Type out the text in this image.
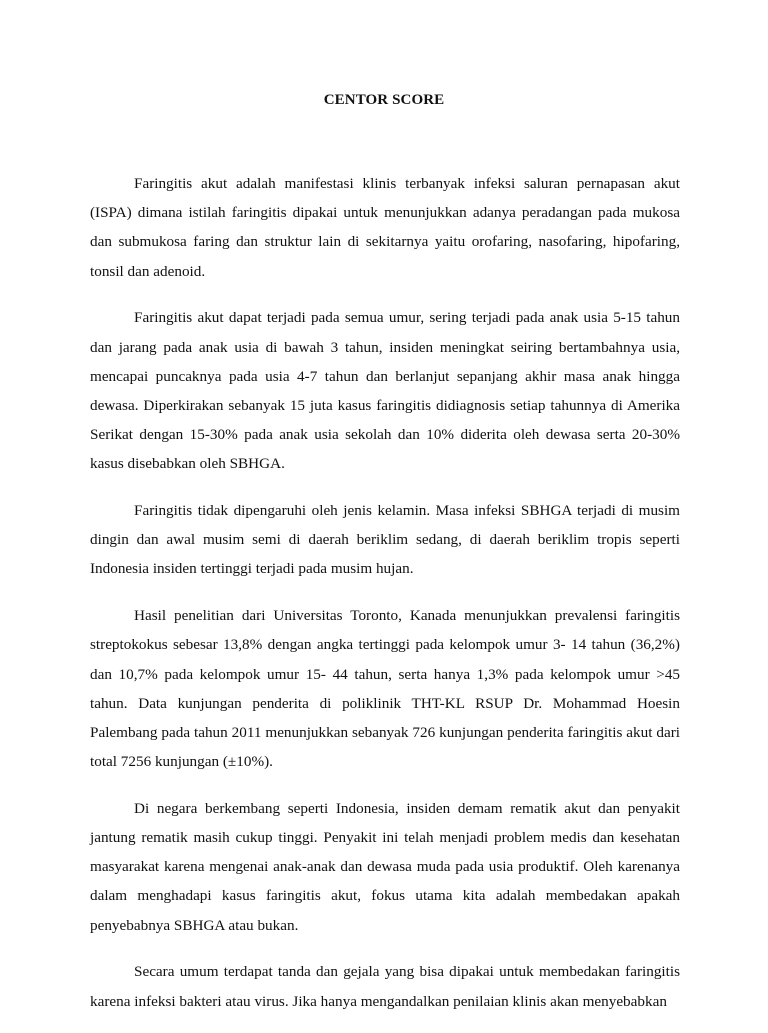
CENTOR SCORE

Faringitis akut adalah manifestasi klinis terbanyak infeksi saluran pernapasan akut (ISPA) dimana istilah faringitis dipakai untuk menunjukkan adanya peradangan pada mukosa dan submukosa faring dan struktur lain di sekitarnya yaitu orofaring, nasofaring, hipofaring, tonsil dan adenoid.

Faringitis akut dapat terjadi pada semua umur, sering terjadi pada anak usia 5-15 tahun dan jarang pada anak usia di bawah 3 tahun, insiden meningkat seiring bertambahnya usia, mencapai puncaknya pada usia 4-7 tahun dan berlanjut sepanjang akhir masa anak hingga dewasa. Diperkirakan sebanyak 15 juta kasus faringitis didiagnosis setiap tahunnya di Amerika Serikat dengan 15-30% pada anak usia sekolah dan 10% diderita oleh dewasa serta 20-30% kasus disebabkan oleh SBHGA.

Faringitis tidak dipengaruhi oleh jenis kelamin. Masa infeksi SBHGA terjadi di musim dingin dan awal musim semi di daerah beriklim sedang, di daerah beriklim tropis seperti Indonesia insiden tertinggi terjadi pada musim hujan.

Hasil penelitian dari Universitas Toronto, Kanada menunjukkan prevalensi faringitis streptokokus sebesar 13,8% dengan angka tertinggi pada kelompok umur 3- 14 tahun (36,2%) dan 10,7% pada kelompok umur 15- 44 tahun, serta hanya 1,3% pada kelompok umur >45 tahun. Data kunjungan penderita di poliklinik THT-KL RSUP Dr. Mohammad Hoesin Palembang pada tahun 2011 menunjukkan sebanyak 726 kunjungan penderita faringitis akut dari total 7256 kunjungan (±10%).

Di negara berkembang seperti Indonesia, insiden demam rematik akut dan penyakit jantung rematik masih cukup tinggi. Penyakit ini telah menjadi problem medis dan kesehatan masyarakat karena mengenai anak-anak dan dewasa muda pada usia produktif. Oleh karenanya dalam menghadapi kasus faringitis akut, fokus utama kita adalah membedakan apakah penyebabnya SBHGA atau bukan.

Secara umum terdapat tanda dan gejala yang bisa dipakai untuk membedakan faringitis karena infeksi bakteri atau virus. Jika hanya mengandalkan penilaian klinis akan menyebabkan
